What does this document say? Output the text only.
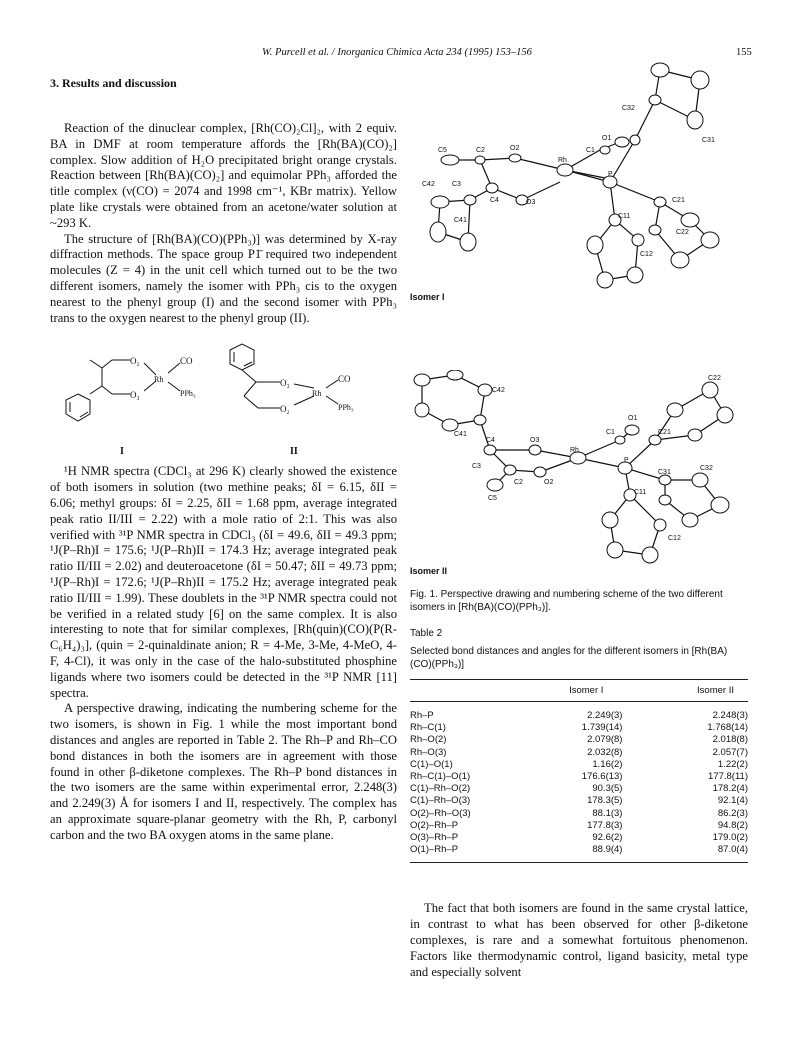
W. Purcell et al. / Inorganica Chimica Acta 234 (1995) 153–156	155
3. Results and discussion

Reaction of the dinuclear complex, [Rh(CO)₂Cl]₂, with 2 equiv. BA in DMF at room temperature affords the [Rh(BA)(CO)₂] complex. Slow addition of H₂O precipitated bright orange crystals. Reaction between [Rh(BA)(CO)₂] and equimolar PPh₃ afforded the title complex (ν(CO) = 2074 and 1998 cm⁻¹, KBr matrix). Yellow plate like crystals were obtained from an acetone/water solution at ~293 K.

The structure of [Rh(BA)(CO)(PPh₃)] was determined by X-ray diffraction methods. The space group P1̄ required two independent molecules (Z = 4) in the unit cell which turned out to be the two different isomers, namely the isomer with PPh₃ cis to the oxygen nearest to the phenyl group (I) and the second isomer with PPh₃ trans to the oxygen nearest to the phenyl group (II).

O₂
O₃
Rh
CO
PPh₃
I
O₃
O₂
Rh
CO
PPh₃
II

¹H NMR spectra (CDCl₃ at 296 K) clearly showed the existence of both isomers in solution (two methine peaks; δI = 6.15, δII = 6.06; methyl groups: δI = 2.25, δII = 1.68 ppm, average integrated peak ratio II/III = 2.22) with a mole ratio of 2:1. This was also verified with ³¹P NMR spectra in CDCl₃ (δI = 49.6, δII = 49.3 ppm; ¹J(P–Rh)I = 175.6; ¹J(P–Rh)II = 174.3 Hz; average integrated peak ratio II/III = 2.02) and deuteroacetone (δI = 50.47; δII = 49.73 ppm; ¹J(P–Rh)I = 172.6; ¹J(P–Rh)II = 175.2 Hz; average integrated peak ratio II/III = 1.99). These doublets in the ³¹P NMR spectra could not be verified in a related study [6] on the same complex. It is also interesting to note that for similar complexes, [Rh(quin)(CO)(P(R-C₆H₄)₃], (quin = 2-quinaldinate anion; R = 4-Me, 3-Me, 4-MeO, 4-F, 4-Cl), it was only in the case of the halo-substituted phosphine ligands where two isomers could be detected in the ³¹P NMR [11] spectra.

A perspective drawing, indicating the numbering scheme for the two isomers, is shown in Fig. 1 while the most important bond distances and angles are reported in Table 2. The Rh–P and Rh–CO bond distances in both the isomers are in agreement with those found in other β-diketone complexes. The Rh–P bond distances in the two isomers are the same within experimental error, 2.248(3) and 2.249(3) Å for isomers I and II, respectively. The complex has an approximate square-planar geometry with the Rh, P, carbonyl carbon and the two BA oxygen atoms in the same plane.

C32
O1	C31
C1
C5	C2	O2
Rh
C42 C3
P
C4	O3	C21
C41
C11
C22
C12
Isomer I
C22
C42
O1
C21
C41
C4	O3
C1
Rh
C3
P
C2	O2
C31
C32
C5
C11
C12
Isomer II
Fig. 1. Perspective drawing and numbering scheme of the two different isomers in [Rh(BA)(CO)(PPh₃)].
Table 2
Selected bond distances and angles for the different isomers in [Rh(BA)(CO)(PPh₃)]
	Isomer I	Isomer II
Rh–P	2.249(3)	2.248(3)
Rh–C(1)	1.739(14)	1.768(14)
Rh–O(2)	2.079(8)	2.018(8)
Rh–O(3)	2.032(8)	2.057(7)
C(1)–O(1)	1.16(2)	1.22(2)
Rh–C(1)–O(1)	176.6(13)	177.8(11)
C(1)–Rh–O(2)	90.3(5)	178.2(4)
C(1)–Rh–O(3)	178.3(5)	92.1(4)
O(2)–Rh–O(3)	88.1(3)	86.2(3)
O(2)–Rh–P	177.8(3)	94.8(2)
O(3)–Rh–P	92.6(2)	179.0(2)
O(1)–Rh–P	88.9(4)	87.0(4)

The fact that both isomers are found in the same crystal lattice, in contrast to what has been observed for other β-diketone complexes, is rare and a somewhat fortuitous phenomenon. Factors like thermodynamic control, ligand basicity, metal type and especially solvent
